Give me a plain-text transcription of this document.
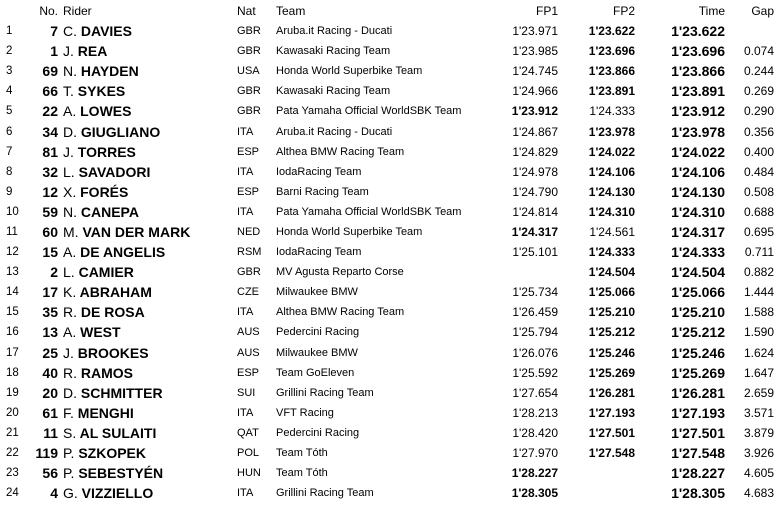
	No.	Rider	Nat	Team	FP1	FP2	Time	Gap
1	7	C. DAVIES	GBR	Aruba.it Racing - Ducati	1'23.971	1'23.622	1'23.622	
2	1	J. REA	GBR	Kawasaki Racing Team	1'23.985	1'23.696	1'23.696	0.074
3	69	N. HAYDEN	USA	Honda World Superbike Team	1'24.745	1'23.866	1'23.866	0.244
4	66	T. SYKES	GBR	Kawasaki Racing Team	1'24.966	1'23.891	1'23.891	0.269
5	22	A. LOWES	GBR	Pata Yamaha Official WorldSBK Team	1'23.912	1'24.333	1'23.912	0.290
6	34	D. GIUGLIANO	ITA	Aruba.it Racing - Ducati	1'24.867	1'23.978	1'23.978	0.356
7	81	J. TORRES	ESP	Althea BMW Racing Team	1'24.829	1'24.022	1'24.022	0.400
8	32	L. SAVADORI	ITA	IodaRacing Team	1'24.978	1'24.106	1'24.106	0.484
9	12	X. FORÉS	ESP	Barni Racing Team	1'24.790	1'24.130	1'24.130	0.508
10	59	N. CANEPA	ITA	Pata Yamaha Official WorldSBK Team	1'24.814	1'24.310	1'24.310	0.688
11	60	M. VAN DER MARK	NED	Honda World Superbike Team	1'24.317	1'24.561	1'24.317	0.695
12	15	A. DE ANGELIS	RSM	IodaRacing Team	1'25.101	1'24.333	1'24.333	0.711
13	2	L. CAMIER	GBR	MV Agusta Reparto Corse		1'24.504	1'24.504	0.882
14	17	K. ABRAHAM	CZE	Milwaukee BMW	1'25.734	1'25.066	1'25.066	1.444
15	35	R. DE ROSA	ITA	Althea BMW Racing Team	1'26.459	1'25.210	1'25.210	1.588
16	13	A. WEST	AUS	Pedercini Racing	1'25.794	1'25.212	1'25.212	1.590
17	25	J. BROOKES	AUS	Milwaukee BMW	1'26.076	1'25.246	1'25.246	1.624
18	40	R. RAMOS	ESP	Team GoEleven	1'25.592	1'25.269	1'25.269	1.647
19	20	D. SCHMITTER	SUI	Grillini Racing Team	1'27.654	1'26.281	1'26.281	2.659
20	61	F. MENGHI	ITA	VFT Racing	1'28.213	1'27.193	1'27.193	3.571
21	11	S. AL SULAITI	QAT	Pedercini Racing	1'28.420	1'27.501	1'27.501	3.879
22	119	P. SZKOPEK	POL	Team Tóth	1'27.970	1'27.548	1'27.548	3.926
23	56	P. SEBESTYÉN	HUN	Team Tóth	1'28.227		1'28.227	4.605
24	4	G. VIZZIELLO	ITA	Grillini Racing Team	1'28.305		1'28.305	4.683
